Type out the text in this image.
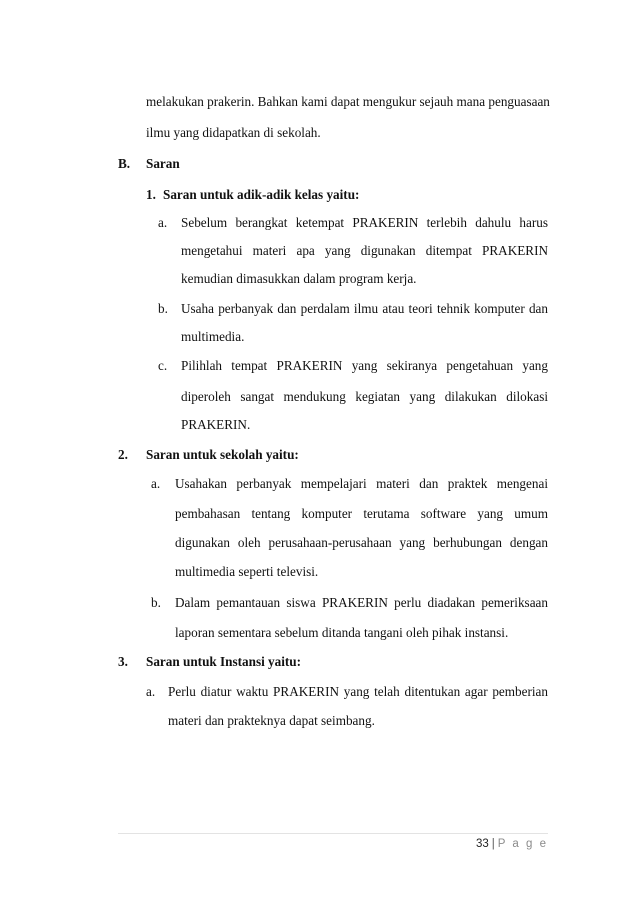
melakukan prakerin. Bahkan kami dapat mengukur sejauh mana penguasaan
ilmu yang didapatkan di sekolah.
B. Saran
1. Saran untuk adik-adik kelas yaitu:
a. Sebelum berangkat ketempat PRAKERIN terlebih dahulu harus
mengetahui materi apa yang digunakan ditempat PRAKERIN
kemudian dimasukkan dalam program kerja.
b. Usaha perbanyak dan perdalam ilmu atau teori tehnik komputer dan
multimedia.
c. Pilihlah tempat PRAKERIN yang sekiranya pengetahuan yang
diperoleh sangat mendukung kegiatan yang dilakukan dilokasi
PRAKERIN.
2. Saran untuk sekolah yaitu:
a. Usahakan perbanyak mempelajari materi dan praktek mengenai
pembahasan tentang komputer terutama software yang umum
digunakan oleh perusahaan-perusahaan yang berhubungan dengan
multimedia seperti televisi.
b. Dalam pemantauan siswa PRAKERIN perlu diadakan pemeriksaan
laporan sementara sebelum ditanda tangani oleh pihak instansi.
3. Saran untuk Instansi yaitu:
a. Perlu diatur waktu PRAKERIN yang telah ditentukan agar pemberian
materi dan prakteknya dapat seimbang.
33 | P a g e
